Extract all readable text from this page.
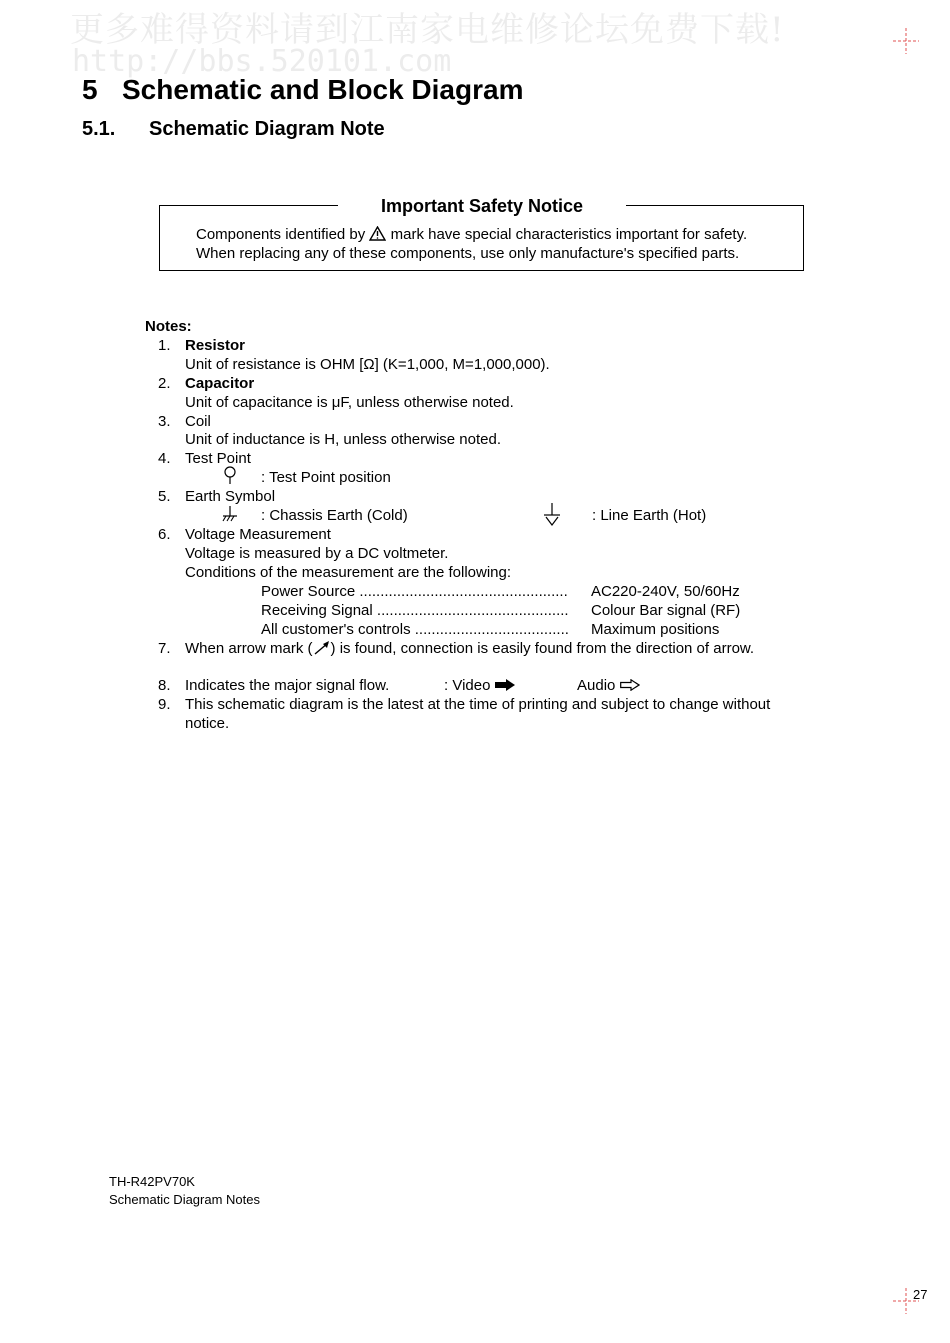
更多难得资料请到江南家电维修论坛免费下载!
http://bbs.520101.com
5 Schematic and Block Diagram
5.1. Schematic Diagram Note
Important Safety Notice
Components identified by mark have special characteristics important for safety.
When replacing any of these components, use only manufacture's specified parts.
Notes:
1. Resistor
Unit of resistance is OHM [Ω] (K=1,000, M=1,000,000).
2. Capacitor
Unit of capacitance is μF, unless otherwise noted.
3. Coil
Unit of inductance is H, unless otherwise noted.
4. Test Point
: Test Point position
5. Earth Symbol
: Chassis Earth (Cold)	: Line Earth (Hot)
6. Voltage Measurement
Voltage is measured by a DC voltmeter.
Conditions of the measurement are the following:
Power Source ..................................................	AC220-240V, 50/60Hz
Receiving Signal ..............................................	Colour Bar signal (RF)
All customer's controls .....................................	Maximum positions
7. When arrow mark ( ) is found, connection is easily found from the direction of arrow.
8. Indicates the major signal flow.	: Video	Audio
9. This schematic diagram is the latest at the time of printing and subject to change without
notice.
TH-R42PV70K
Schematic Diagram Notes
27
